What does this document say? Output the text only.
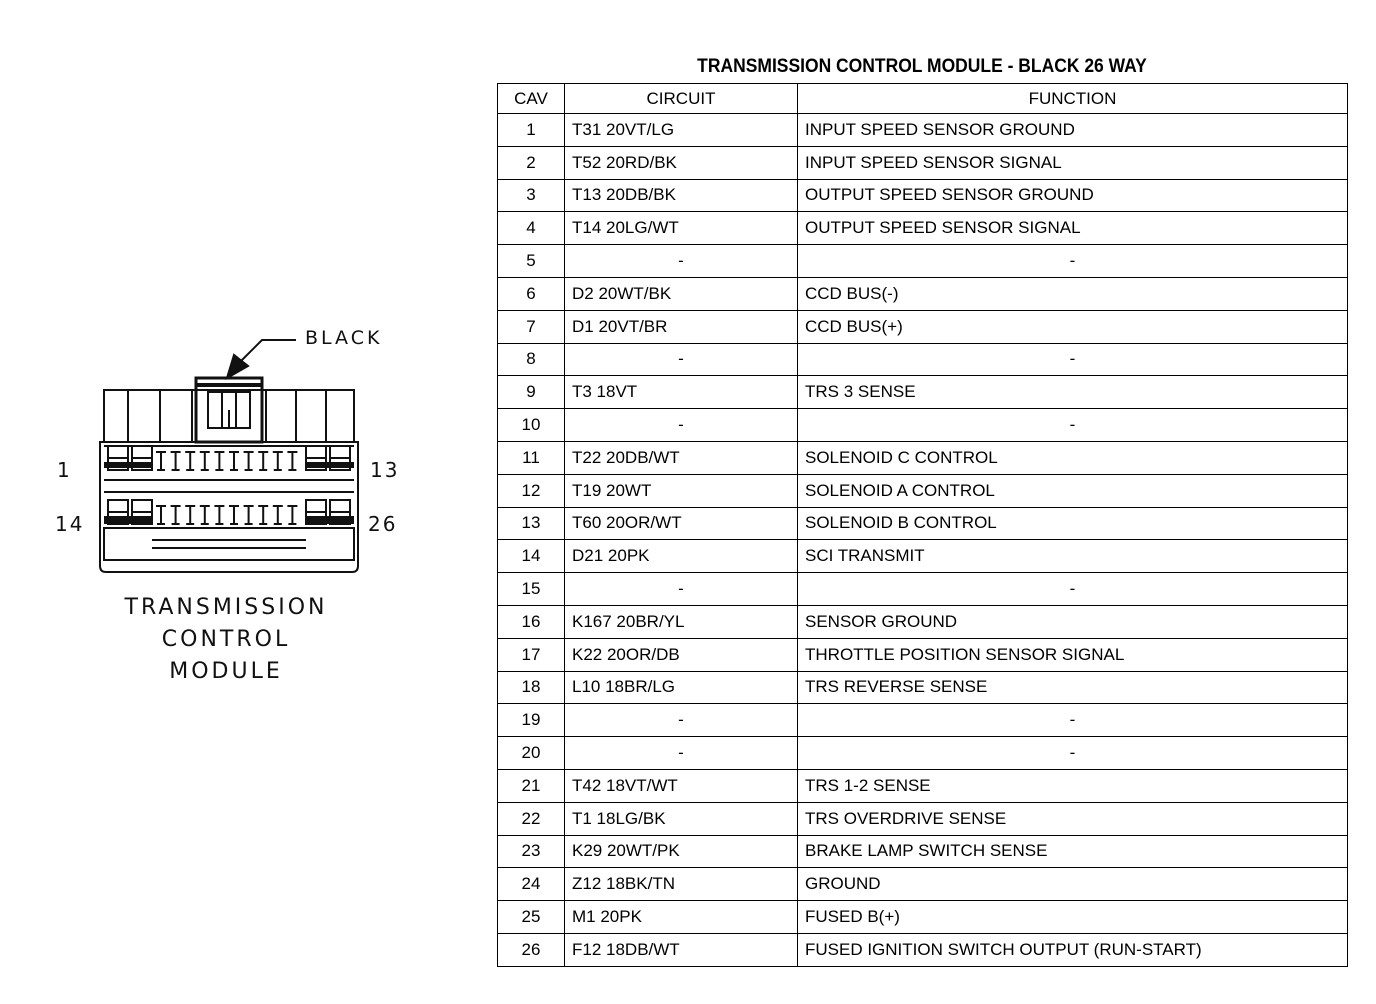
BLACK
1	13
14	26
TRANSMISSION
CONTROL
MODULE
TRANSMISSION CONTROL MODULE - BLACK 26 WAY
CAV	CIRCUIT	FUNCTION
1	T31 20VT/LG	INPUT SPEED SENSOR GROUND
2	T52 20RD/BK	INPUT SPEED SENSOR SIGNAL
3	T13 20DB/BK	OUTPUT SPEED SENSOR GROUND
4	T14 20LG/WT	OUTPUT SPEED SENSOR SIGNAL
5	-	-
6	D2 20WT/BK	CCD BUS(-)
7	D1 20VT/BR	CCD BUS(+)
8	-	-
9	T3 18VT	TRS 3 SENSE
10	-	-
11	T22 20DB/WT	SOLENOID C CONTROL
12	T19 20WT	SOLENOID A CONTROL
13	T60 20OR/WT	SOLENOID B CONTROL
14	D21 20PK	SCI TRANSMIT
15	-	-
16	K167 20BR/YL	SENSOR GROUND
17	K22 20OR/DB	THROTTLE POSITION SENSOR SIGNAL
18	L10 18BR/LG	TRS REVERSE SENSE
19	-	-
20	-	-
21	T42 18VT/WT	TRS 1-2 SENSE
22	T1 18LG/BK	TRS OVERDRIVE SENSE
23	K29 20WT/PK	BRAKE LAMP SWITCH SENSE
24	Z12 18BK/TN	GROUND
25	M1 20PK	FUSED B(+)
26	F12 18DB/WT	FUSED IGNITION SWITCH OUTPUT (RUN-START)
